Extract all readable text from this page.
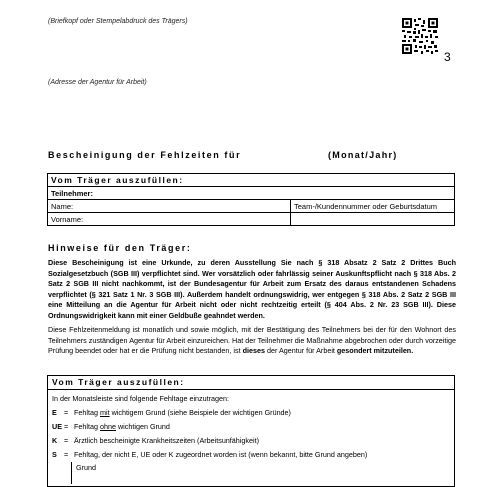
(Briefkopf oder Stempelabdruck des Trägers)
3
(Adresse der Agentur für Arbeit)
Bescheinigung der Fehlzeiten für	(Monat/Jahr)
Vom Träger auszufüllen:	
Teilnehmer:	
Name:	Team-/Kundennummer oder Geburtsdatum
Vorname:	
Hinweise für den Träger:
Diese Bescheinigung ist eine Urkunde, zu deren Ausstellung Sie nach § 318 Absatz 2 Satz 2 Drittes Buch Sozialgesetzbuch (SGB III) verpflichtet sind. Wer vorsätzlich oder fahrlässig seiner Auskunftspflicht nach § 318 Abs. 2 Satz 2 SGB III nicht nachkommt, ist der Bundesagentur für Arbeit zum Ersatz des daraus entstandenen Schadens verpflichtet (§ 321 Satz 1 Nr. 3 SGB III). Außerdem handelt ordnungswidrig, wer entgegen § 318 Abs. 2 Satz 2 SGB III eine Mitteilung an die Agentur für Arbeit nicht oder nicht rechtzeitig erteilt (§ 404 Abs. 2 Nr. 23 SGB III). Diese Ordnungswidrigkeit kann mit einer Geldbuße geahndet werden.
Diese Fehlzeitenmeldung ist monatlich und sowie möglich, mit der Bestätigung des Teilnehmers bei der für den Wohnort des Teilnehmers zuständigen Agentur für Arbeit einzureichen. Hat der Teilnehmer die Maßnahme abgebrochen oder durch vorzeitige Prüfung beendet oder hat er die Prüfung nicht bestanden, ist dieses der Agentur für Arbeit gesondert mitzuteilen.
Vom Träger auszufüllen:
In der Monatsleiste sind folgende Fehltage einzutragen:
E = Fehltag mit wichtigem Grund (siehe Beispiele der wichtigen Gründe)
UE = Fehltag ohne wichtigen Grund
K = Ärztlich bescheinigte Krankheitszeiten (Arbeitsunfähigkeit)
S = Fehltag, der nicht E, UE oder K zugeordnet worden ist (wenn bekannt, bitte Grund angeben)
Grund
